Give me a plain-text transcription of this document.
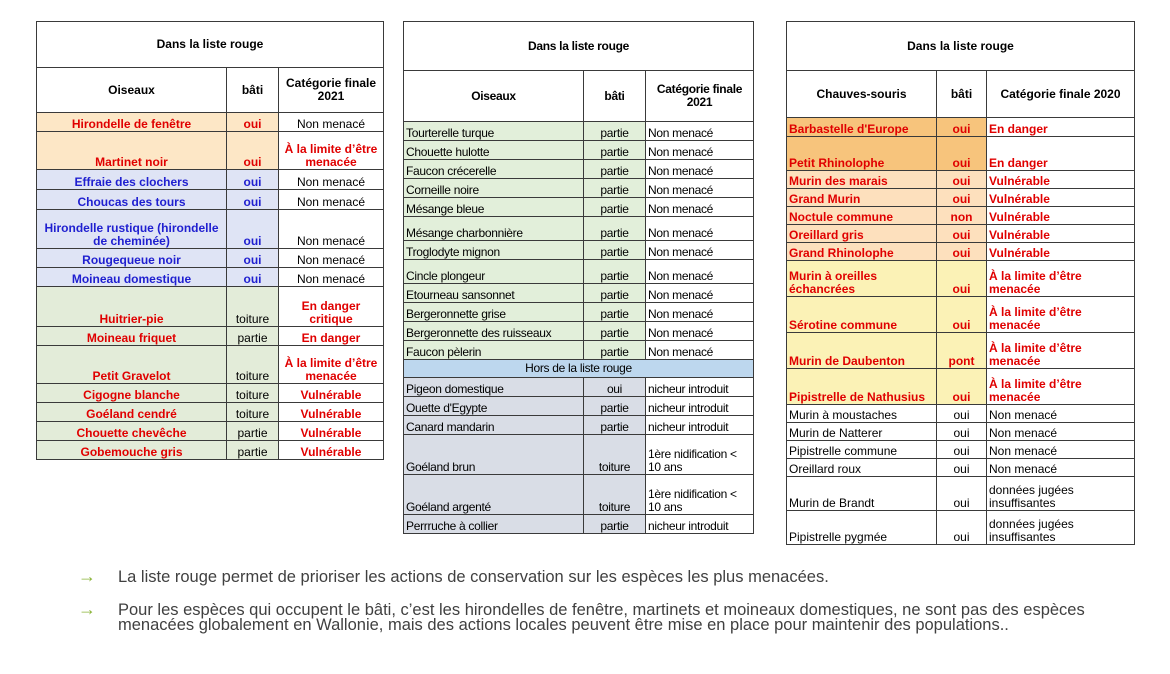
Dans la liste rouge		
Oiseaux	bâti	Catégorie finale 2021
Hirondelle de fenêtre	oui	Non menacé
Martinet noir	oui	À la limite d’être menacée
Effraie des clochers	oui	Non menacé
Choucas des tours	oui	Non menacé
Hirondelle rustique (hirondelle de cheminée)	oui	Non menacé
Rougequeue noir	oui	Non menacé
Moineau domestique	oui	Non menacé
Huitrier-pie	toiture	En danger critique
Moineau friquet	partie	En danger
Petit Gravelot	toiture	À la limite d’être menacée
Cigogne blanche	toiture	Vulnérable
Goéland cendré	toiture	Vulnérable
Chouette chevêche	partie	Vulnérable
Gobemouche gris	partie	Vulnérable
Dans la liste rouge		
Oiseaux	bâti	Catégorie finale 2021
Tourterelle turque	partie	Non menacé
Chouette hulotte	partie	Non menacé
Faucon crécerelle	partie	Non menacé
Corneille noire	partie	Non menacé
Mésange bleue	partie	Non menacé
Mésange charbonnière	partie	Non menacé
Troglodyte mignon	partie	Non menacé
Cincle plongeur	partie	Non menacé
Etourneau sansonnet	partie	Non menacé
Bergeronnette grise	partie	Non menacé
Bergeronnette des ruisseaux	partie	Non menacé
Faucon pèlerin	partie	Non menacé
Hors de la liste rouge		
Pigeon domestique	oui	nicheur introduit
Ouette d'Egypte	partie	nicheur introduit
Canard mandarin	partie	nicheur introduit
Goéland brun	toiture	1ère nidification < 10 ans
Goéland argenté	toiture	1ère nidification < 10 ans
Perrruche à collier	partie	nicheur introduit
Dans la liste rouge		
Chauves-souris	bâti	Catégorie finale 2020
Barbastelle d'Europe	oui	En danger
Petit Rhinolophe	oui	En danger
Murin des marais	oui	Vulnérable
Grand Murin	oui	Vulnérable
Noctule commune	non	Vulnérable
Oreillard gris	oui	Vulnérable
Grand Rhinolophe	oui	Vulnérable
Murin à oreilles échancrées	oui	À la limite d’être menacée
Sérotine commune	oui	À la limite d’être menacée
Murin de Daubenton	pont	À la limite d’être menacée
Pipistrelle de Nathusius	oui	À la limite d’être menacée
Murin à moustaches	oui	Non menacé
Murin de Natterer	oui	Non menacé
Pipistrelle commune	oui	Non menacé
Oreillard roux	oui	Non menacé
Murin de Brandt	oui	données jugées insuffisantes
Pipistrelle pygmée	oui	données jugées insuffisantes
→ La liste rouge permet de prioriser les actions de conservation sur les espèces les plus menacées.
→ Pour les espèces qui occupent le bâti, c’est les hirondelles de fenêtre, martinets et moineaux domestiques, ne sont pas des espèces menacées globalement en Wallonie, mais des actions locales peuvent être mise en place pour maintenir des populations..
